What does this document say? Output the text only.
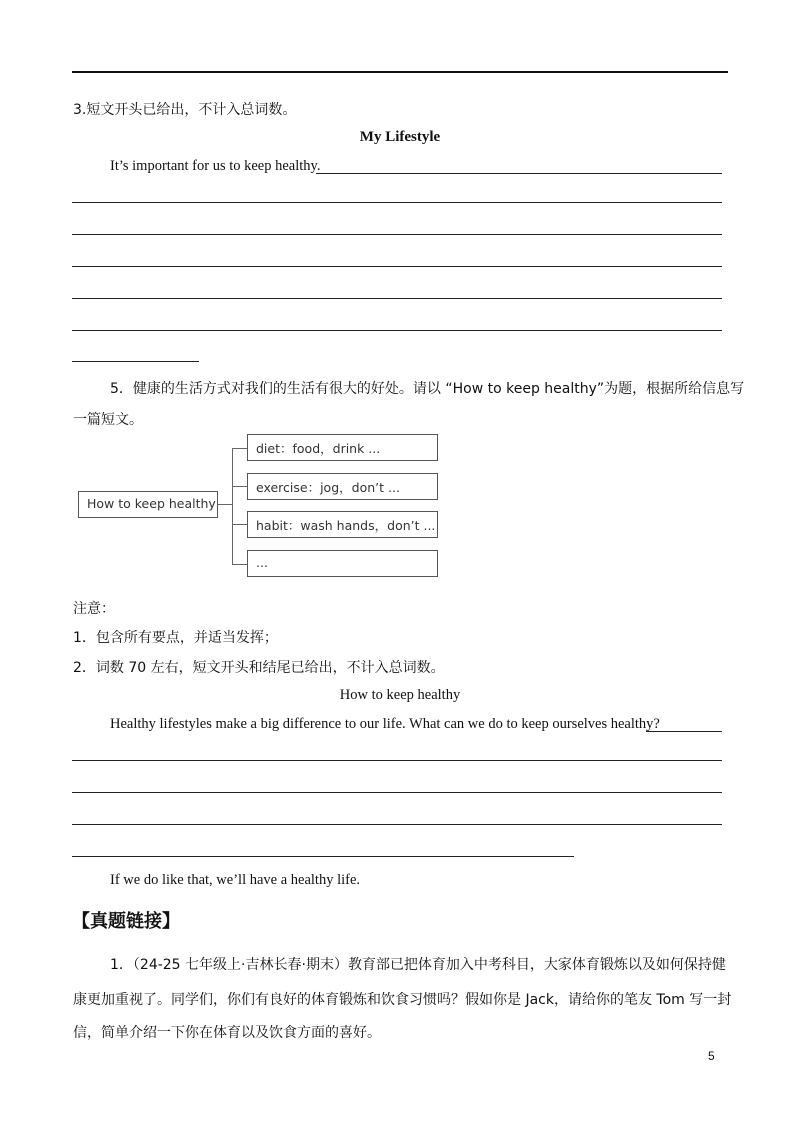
3.短文开头已给出，不计入总词数。
My Lifestyle
It’s important for us to keep healthy.
5．健康的生活方式对我们的生活有很大的好处。请以 “How to keep healthy”为题，根据所给信息写
一篇短文。
How to keep healthy
diet：food，drink ...
exercise：jog，don’t ...
habit：wash hands，don’t ...
...
注意：
1．包含所有要点，并适当发挥；
2．词数 70 左右，短文开头和结尾已给出，不计入总词数。
How to keep healthy
Healthy lifestyles make a big difference to our life. What can we do to keep ourselves healthy?
If we do like that, we’ll have a healthy life.
【真题链接】
1．（24-25 七年级上·吉林长春·期末）教育部已把体育加入中考科目，大家体育锻炼以及如何保持健
康更加重视了。同学们，你们有良好的体育锻炼和饮食习惯吗？假如你是 Jack，请给你的笔友 Tom 写一封
信，简单介绍一下你在体育以及饮食方面的喜好。
5
